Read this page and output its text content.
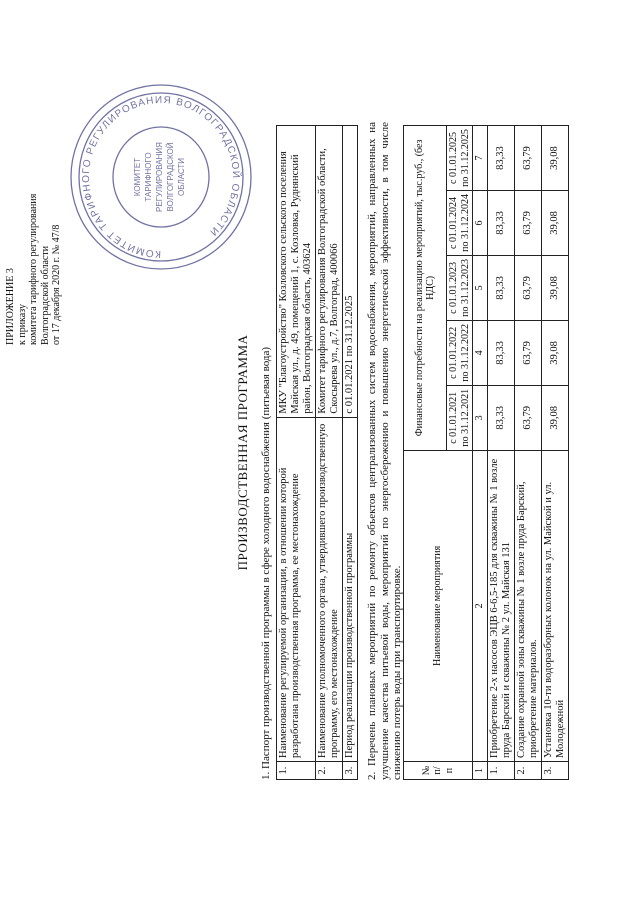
ПРИЛОЖЕНИЕ 3 к приказу комитета тарифного регулирования Волгоградской области от 17 декабря 2020 г. № 47/8	КОМИТЕТ ТАРИФНОГО РЕГУЛИРОВАНИЯ ВОЛГОГРАДСКОЙ ОБЛАСТИ
КОМИТЕТ ТАРИФНОГО РЕГУЛИРОВАНИЯ ВОЛГОГРАДСКОЙ ОБЛАСТИ
ПРОИЗВОДСТВЕННАЯ ПРОГРАММА 1. Паспорт производственной программы в сфере холодного водоснабжения (питьевая вода) 1.	Наименование регулируемой организации, в отношении которой разработана производственная программа, ее местонахождение	МКУ "Благоустройство" Козловского сельского поселения Майская ул., д. 49, помещений 1, с. Козловка, Руднянский район, Волгоградская область, 403624
2.	Наименование уполномоченного органа, утвердившего производственную программу, его местонахождение	Комитет тарифного регулирования Волгоградской области, Скосырева ул., д.7, Волгоград, 400066
3.	Период реализации производственной программы	с 01.01.2021 по 31.12.2025 2. Перечень плановых мероприятий по ремонту объектов централизованных систем водоснабжения, мероприятий, направленных на улучшение качества питьевой воды, мероприятий по энергосбережению и повышению энергетической эффективности, в том числе снижению потерь воды при транспортировке. № п/п	Наименование мероприятия	Финансовые потребности на реализацию мероприятий, тыс.руб., (без НДС)				
		с 01.01.2021 по 31.12.2021	с 01.01.2022 по 31.12.2022	с 01.01.2023 по 31.12.2023	с 01.01.2024 по 31.12.2024	с 01.01.2025 по 31.12.2025
1	2	3	4	5	6	7
1.	Приобретение 2-х насосов ЭЦВ 6-6,5-185 для скважины № 1 возле пруда Барский и скважины № 2 ул. Майская 131	83,33	83,33	83,33	83,33	83,33
2.	Создание охранной зоны скважины № 1 возле пруда Барский, приобретение материалов.	63,79	63,79	63,79	63,79	63,79
3.	Установка 10-ти водоразборных колонок на ул. Майской и ул. Молодежной	39,08	39,08	39,08	39,08	39,08
